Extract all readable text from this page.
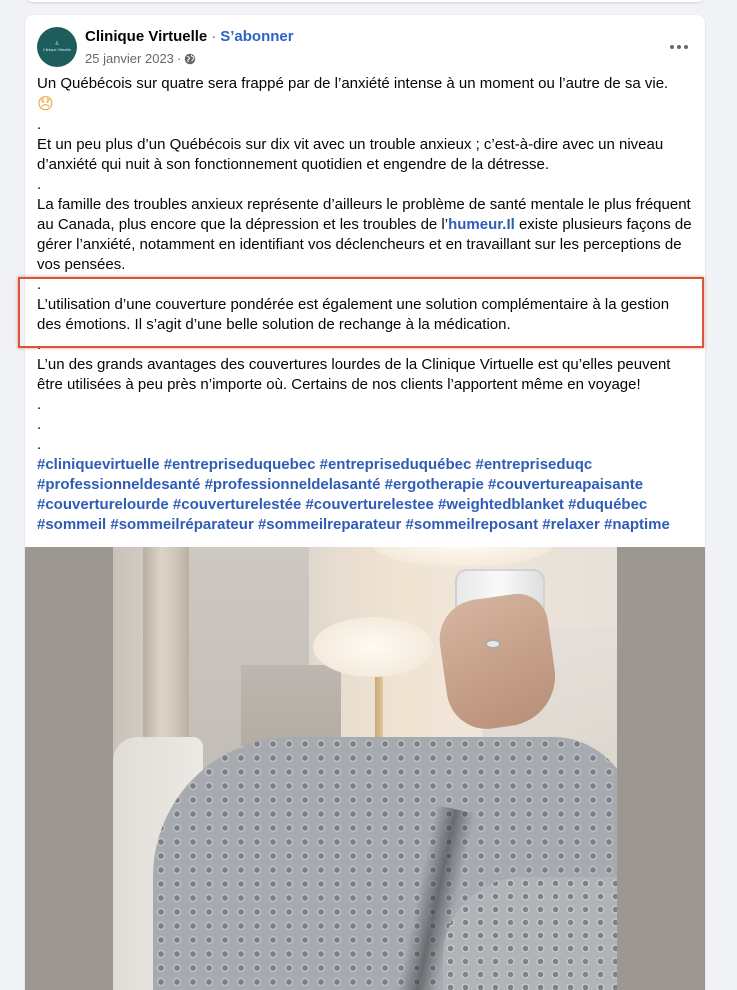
&
Clinique Virtuelle
Clinique Virtuelle · S’abonner
25 janvier 2023 ·

Un Québécois sur quatre sera frappé par de l’anxiété intense à un moment ou l’autre de sa vie.
😞

.

Et un peu plus d’un Québécois sur dix vit avec un trouble anxieux ; c’est-à-dire avec un niveau d’anxiété qui nuit à son fonctionnement quotidien et engendre de la détresse.

.

La famille des troubles anxieux représente d’ailleurs le problème de santé mentale le plus fréquent au Canada, plus encore que la dépression et les troubles de l’humeur.Il existe plusieurs façons de gérer l’anxiété, notamment en identifiant vos déclencheurs et en travaillant sur les perceptions de vos pensées.

.

L’utilisation d’une couverture pondérée est également une solution complémentaire à la gestion des émotions. Il s’agit d’une belle solution de rechange à la médication.

.

L’un des grands avantages des couvertures lourdes de la Clinique Virtuelle est qu’elles peuvent être utilisées à peu près n’importe où. Certains de nos clients l’apportent même en voyage!

.

.

.

#cliniquevirtuelle #entrepriseduquebec #entrepriseduquébec #entrepriseduqc
#professionneldesanté #professionneldelasanté #ergotherapie #couvertureapaisante
#couverturelourde #couverturelestée #couverturelestee #weightedblanket #duquébec
#sommeil #sommeilréparateur #sommeilreparateur #sommeilreposant #relaxer #naptime
